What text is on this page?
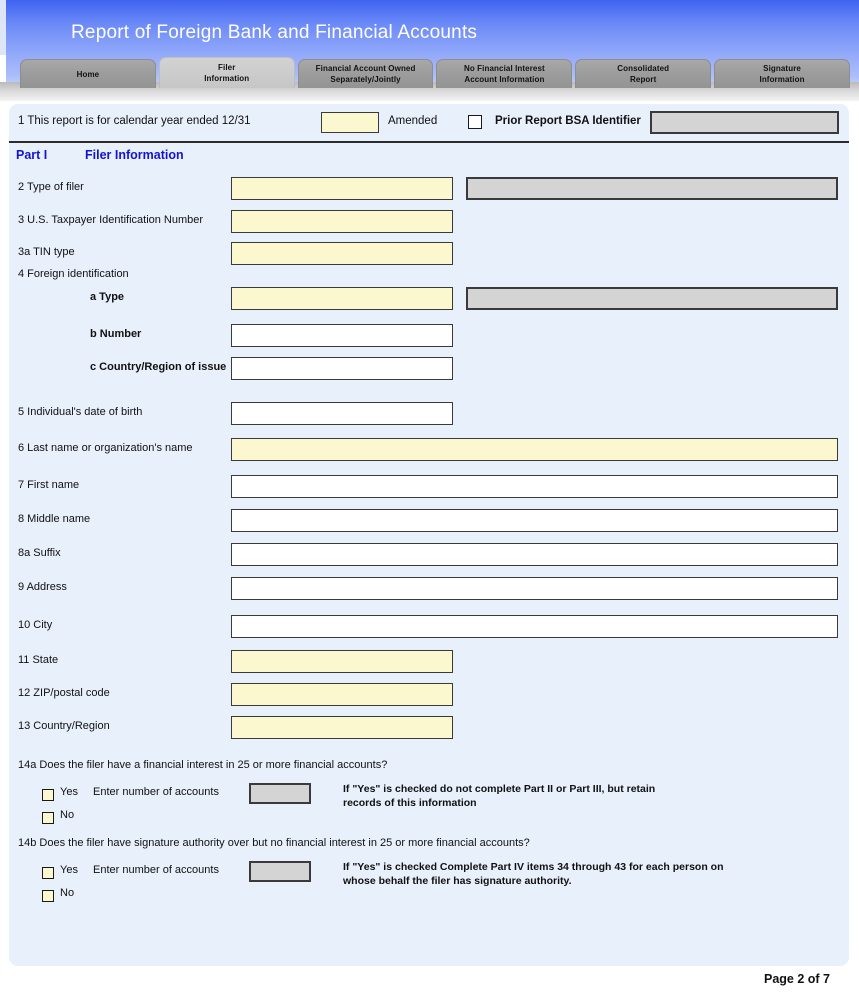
Report of Foreign Bank and Financial Accounts
Home
Filer
Information
Financial Account Owned
Separately/Jointly
No Financial Interest
Account Information
Consolidated
Report
Signature
Information
1 This report is for calendar year ended 12/31	Amended	Prior Report BSA Identifier
Part I	Filer Information
2 Type of filer
3 U.S. Taxpayer Identification Number
3a TIN type
4 Foreign identification
a Type
b Number
c Country/Region of issue
5 Individual's date of birth
6 Last name or organization's name
7 First name
8 Middle name
8a Suffix
9 Address
10 City
11 State
12 ZIP/postal code
13 Country/Region
14a Does the filer have a financial interest in 25 or more financial accounts?
Yes Enter number of accounts
No
If "Yes" is checked do not complete Part II or Part III, but retain
records of this information
14b Does the filer have signature authority over but no financial interest in 25 or more financial accounts?
Yes Enter number of accounts
No
If "Yes" is checked Complete Part IV items 34 through 43 for each person on
whose behalf the filer has signature authority.
Page 2 of 7
